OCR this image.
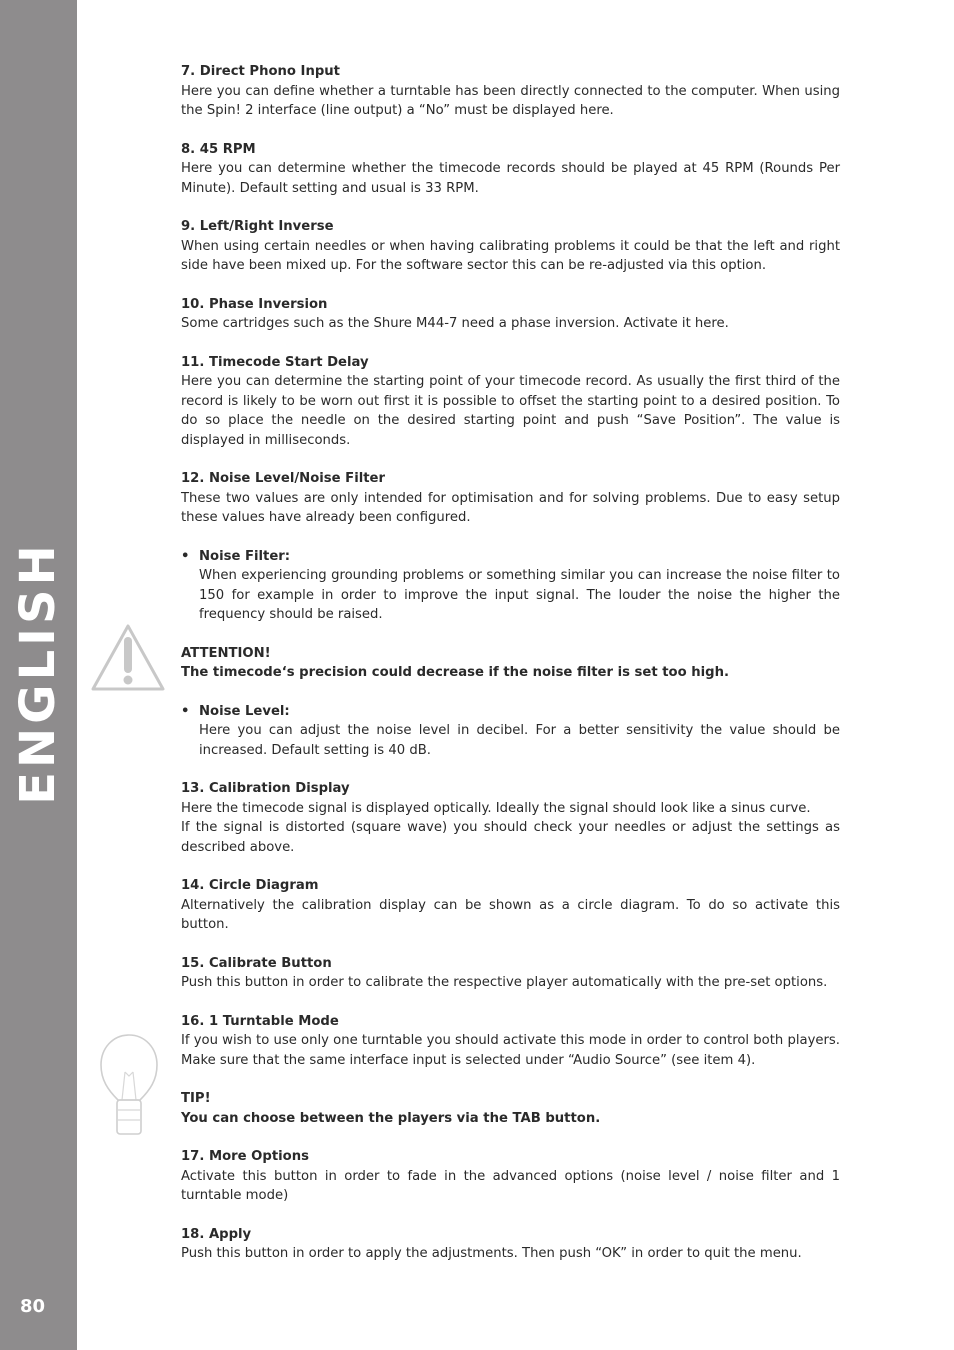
ENGLISH
80
7. Direct Phono Input

Here you can define whether a turntable has been directly connected to the computer. When using the Spin! 2 interface (line output) a “No” must be displayed here.

8. 45 RPM

Here you can determine whether the timecode records should be played at 45 RPM (Rounds Per Minute). Default setting and usual is 33 RPM.

9. Left/Right Inverse

When using certain needles or when having calibrating problems it could be that the left and right side have been mixed up. For the software sector this can be re-adjusted via this option.

10. Phase Inversion

Some cartridges such as the Shure M44-7 need a phase inversion. Activate it here.

11. Timecode Start Delay

Here you can determine the starting point of your timecode record. As usually the first third of the record is likely to be worn out first it is possible to offset the starting point to a desired position. To do so place the needle on the desired starting point and push “Save Position”. The value is displayed in milliseconds.

12. Noise Level/Noise Filter

These two values are only intended for optimisation and for solving problems. Due to easy setup these values have already been configured.

• Noise Filter:

When experiencing grounding problems or something similar you can increase the noise filter to 150 for example in order to improve the input signal. The louder the noise the higher the frequency should be raised.

ATTENTION!

The timecode‘s precision could decrease if the noise filter is set too high.

• Noise Level:

Here you can adjust the noise level in decibel. For a better sensitivity the value should be increased. Default setting is 40 dB.

13. Calibration Display

Here the timecode signal is displayed optically. Ideally the signal should look like a sinus curve.

If the signal is distorted (square wave) you should check your needles or adjust the settings as described above.

14. Circle Diagram

Alternatively the calibration display can be shown as a circle diagram. To do so activate this button.

15. Calibrate Button

Push this button in order to calibrate the respective player automatically with the pre-set options.

16. 1 Turntable Mode

If you wish to use only one turntable you should activate this mode in order to control both players. Make sure that the same interface input is selected under “Audio Source” (see item 4).

TIP!

You can choose between the players via the TAB button.

17. More Options

Activate this button in order to fade in the advanced options (noise level / noise filter and 1 turntable mode)

18. Apply

Push this button in order to apply the adjustments. Then push “OK” in order to quit the menu.
